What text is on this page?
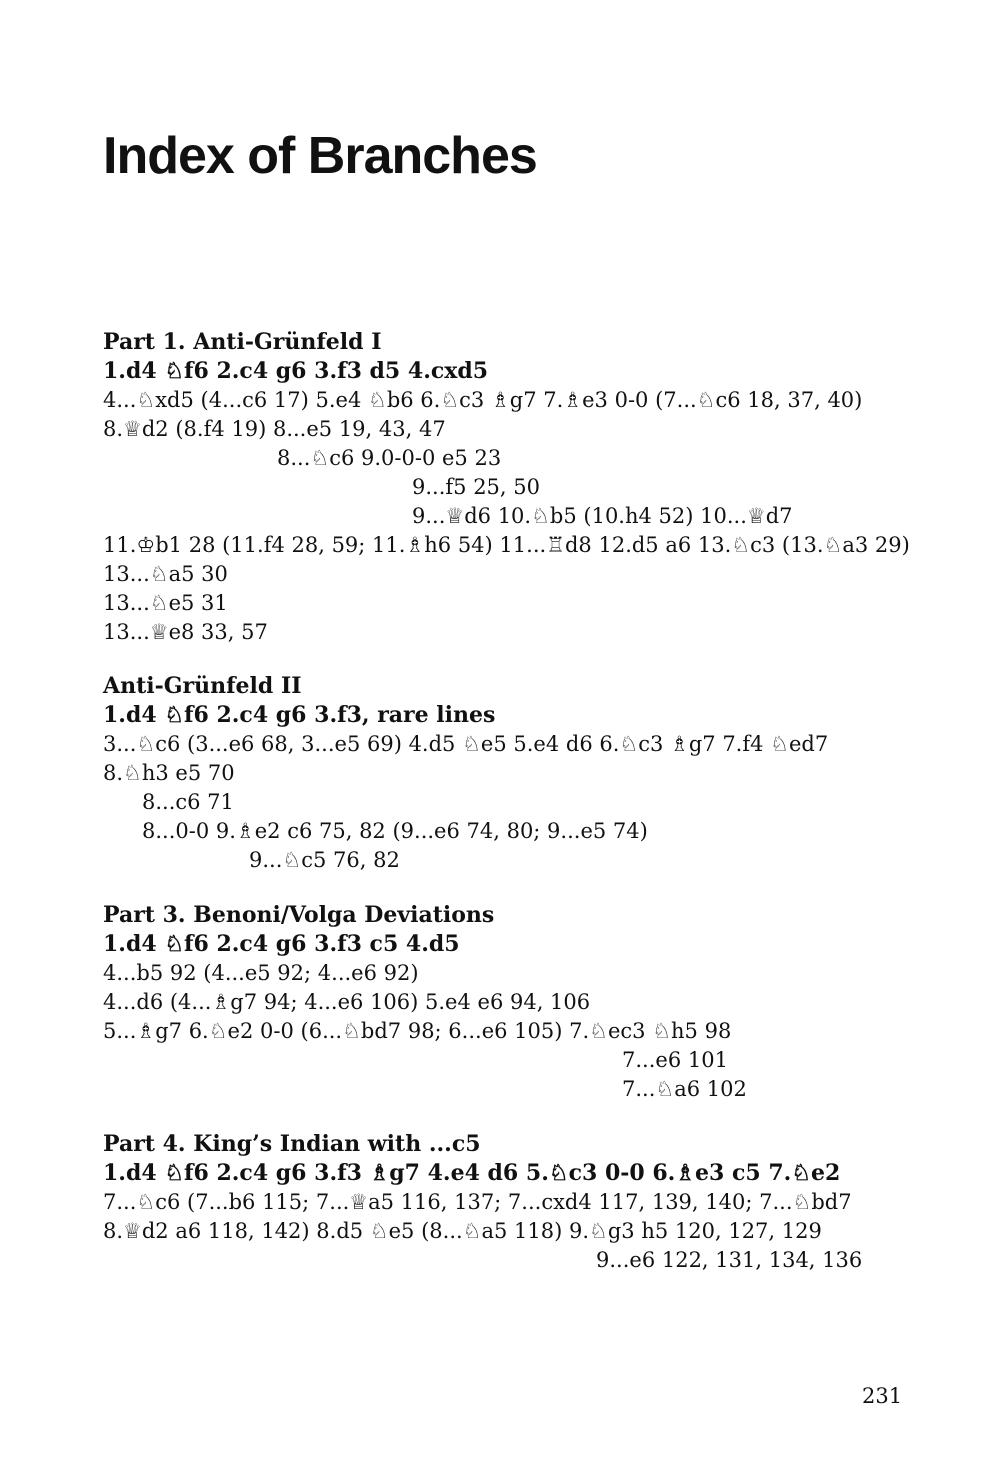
Index of Branches
Part 1. Anti-Grünfeld I
1.d4 ♘f6 2.c4 g6 3.f3 d5 4.cxd5
4...♘xd5 (4...c6 17) 5.e4 ♘b6 6.♘c3 ♗g7 7.♗e3 0-0 (7...♘c6 18, 37, 40)
8.♕d2 (8.f4 19) 8...e5 19, 43, 47
8...♘c6 9.0-0-0 e5 23
9...f5 25, 50
9...♕d6 10.♘b5 (10.h4 52) 10...♕d7
11.♔b1 28 (11.f4 28, 59; 11.♗h6 54) 11...♖d8 12.d5 a6 13.♘c3 (13.♘a3 29)
13...♘a5 30
13...♘e5 31
13...♕e8 33, 57
Anti-Grünfeld II
1.d4 ♘f6 2.c4 g6 3.f3, rare lines
3...♘c6 (3...e6 68, 3...e5 69) 4.d5 ♘e5 5.e4 d6 6.♘c3 ♗g7 7.f4 ♘ed7
8.♘h3 e5 70
8...c6 71
8...0-0 9.♗e2 c6 75, 82 (9...e6 74, 80; 9...e5 74)
9...♘c5 76, 82
Part 3. Benoni/Volga Deviations
1.d4 ♘f6 2.c4 g6 3.f3 c5 4.d5
4...b5 92 (4...e5 92; 4...e6 92)
4...d6 (4...♗g7 94; 4...e6 106) 5.e4 e6 94, 106
5...♗g7 6.♘e2 0-0 (6...♘bd7 98; 6...e6 105) 7.♘ec3 ♘h5 98
7...e6 101
7...♘a6 102
Part 4. King’s Indian with ...c5
1.d4 ♘f6 2.c4 g6 3.f3 ♗g7 4.e4 d6 5.♘c3 0-0 6.♗e3 c5 7.♘e2
7...♘c6 (7...b6 115; 7...♕a5 116, 137; 7...cxd4 117, 139, 140; 7...♘bd7
8.♕d2 a6 118, 142) 8.d5 ♘e5 (8...♘a5 118) 9.♘g3 h5 120, 127, 129
9...e6 122, 131, 134, 136
231
